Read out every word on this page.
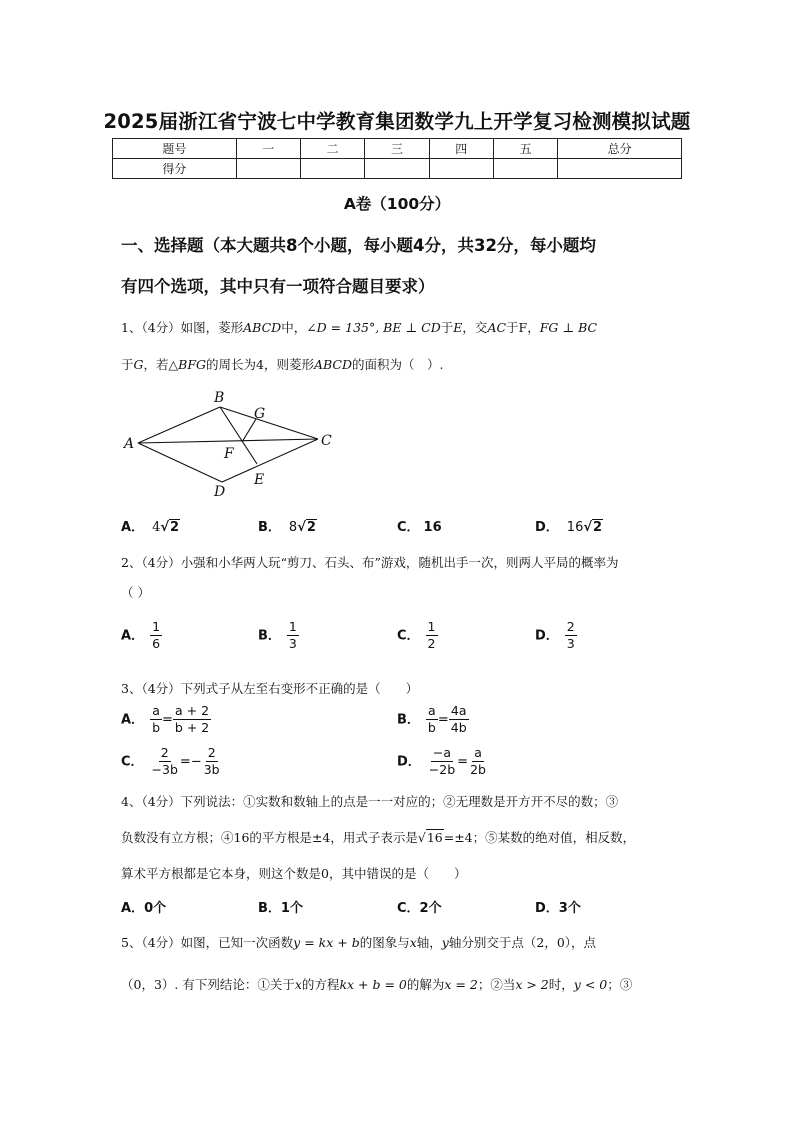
2025届浙江省宁波七中学教育集团数学九上开学复习检测模拟试题
题号	一	二	三	四	五	总分
得分						
A卷（100分）
一、选择题（本大题共8个小题，每小题4分，共32分，每小题均
有四个选项，其中只有一项符合题目要求）
1、（4分）如图，菱形ABCD中，∠D = 135°, BE ⊥ CD于E，交AC于F，FG ⊥ BC
于G，若△BFG的周长为4，则菱形ABCD的面积为（　）.
A
B
C
D
E
F
G
A． 4√2	B． 8√2	C． 16	D． 16√2
2、（4分）小强和小华两人玩“剪刀、石头、布”游戏，随机出手一次，则两人平局的概率为
（ ）
A． $\frac{1}{6}$	B． $\frac{1}{3}$	C． $\frac{1}{2}$	D． $\frac{2}{3}$
3、（4分）下列式子从左至右变形不正确的是（　　）
A． $\frac{a}{b} = \frac{a + 2}{b + 2}$	B． $\frac{a}{b} = \frac{4a}{4b}$
C． $\frac{2}{-3b} =- \frac{2}{3b}$	D． $\frac{-a}{-2b} = \frac{a}{2b}$
4、（4分）下列说法：①实数和数轴上的点是一一对应的；②无理数是开方开不尽的数；③
负数没有立方根；④16的平方根是±4，用式子表示是√16=±4；⑤某数的绝对值，相反数，
算术平方根都是它本身，则这个数是0，其中错误的是（　　）
A．0个	B．1个	C．2个	D．3个
5、（4分）如图，已知一次函数y = kx + b的图象与x轴，y轴分别交于点（2，0），点
（0，3）. 有下列结论：①关于x的方程kx + b = 0的解为x = 2；②当x > 2时，y < 0；③
